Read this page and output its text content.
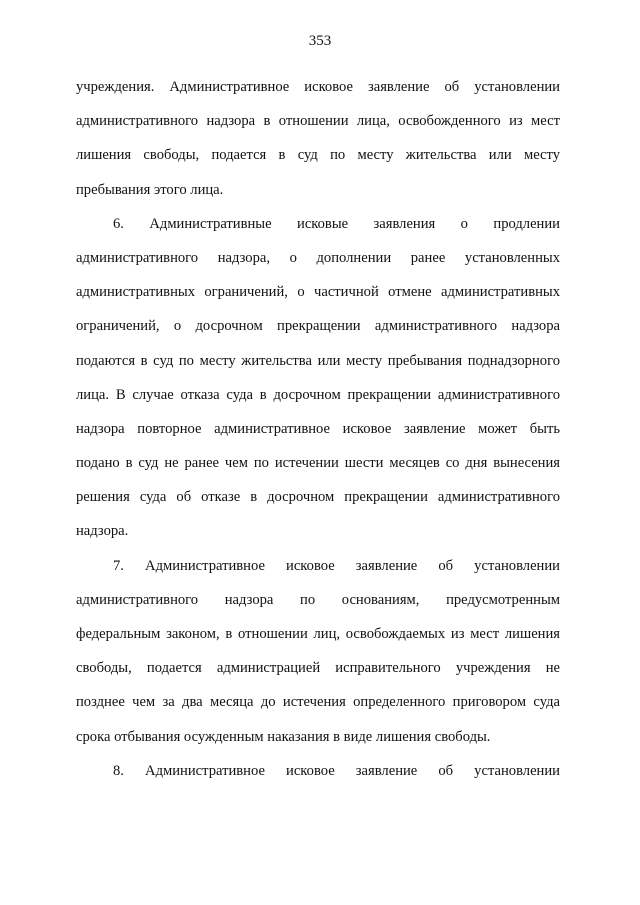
353
учреждения. Административное исковое заявление об установлении
административного надзора в отношении лица, освобожденного из мест
лишения свободы, подается в суд по месту жительства или месту
пребывания этого лица.
6. Административные исковые заявления о продлении
административного надзора, о дополнении ранее установленных
административных ограничений, о частичной отмене административных
ограничений, о досрочном прекращении административного надзора
подаются в суд по месту жительства или месту пребывания поднадзорного
лица. В случае отказа суда в досрочном прекращении административного
надзора повторное административное исковое заявление может быть
подано в суд не ранее чем по истечении шести месяцев со дня вынесения
решения суда об отказе в досрочном прекращении административного
надзора.
7. Административное исковое заявление об установлении
административного надзора по основаниям, предусмотренным
федеральным законом, в отношении лиц, освобождаемых из мест лишения
свободы, подается администрацией исправительного учреждения не
позднее чем за два месяца до истечения определенного приговором суда
срока отбывания осужденным наказания в виде лишения свободы.
8. Административное исковое заявление об установлении
